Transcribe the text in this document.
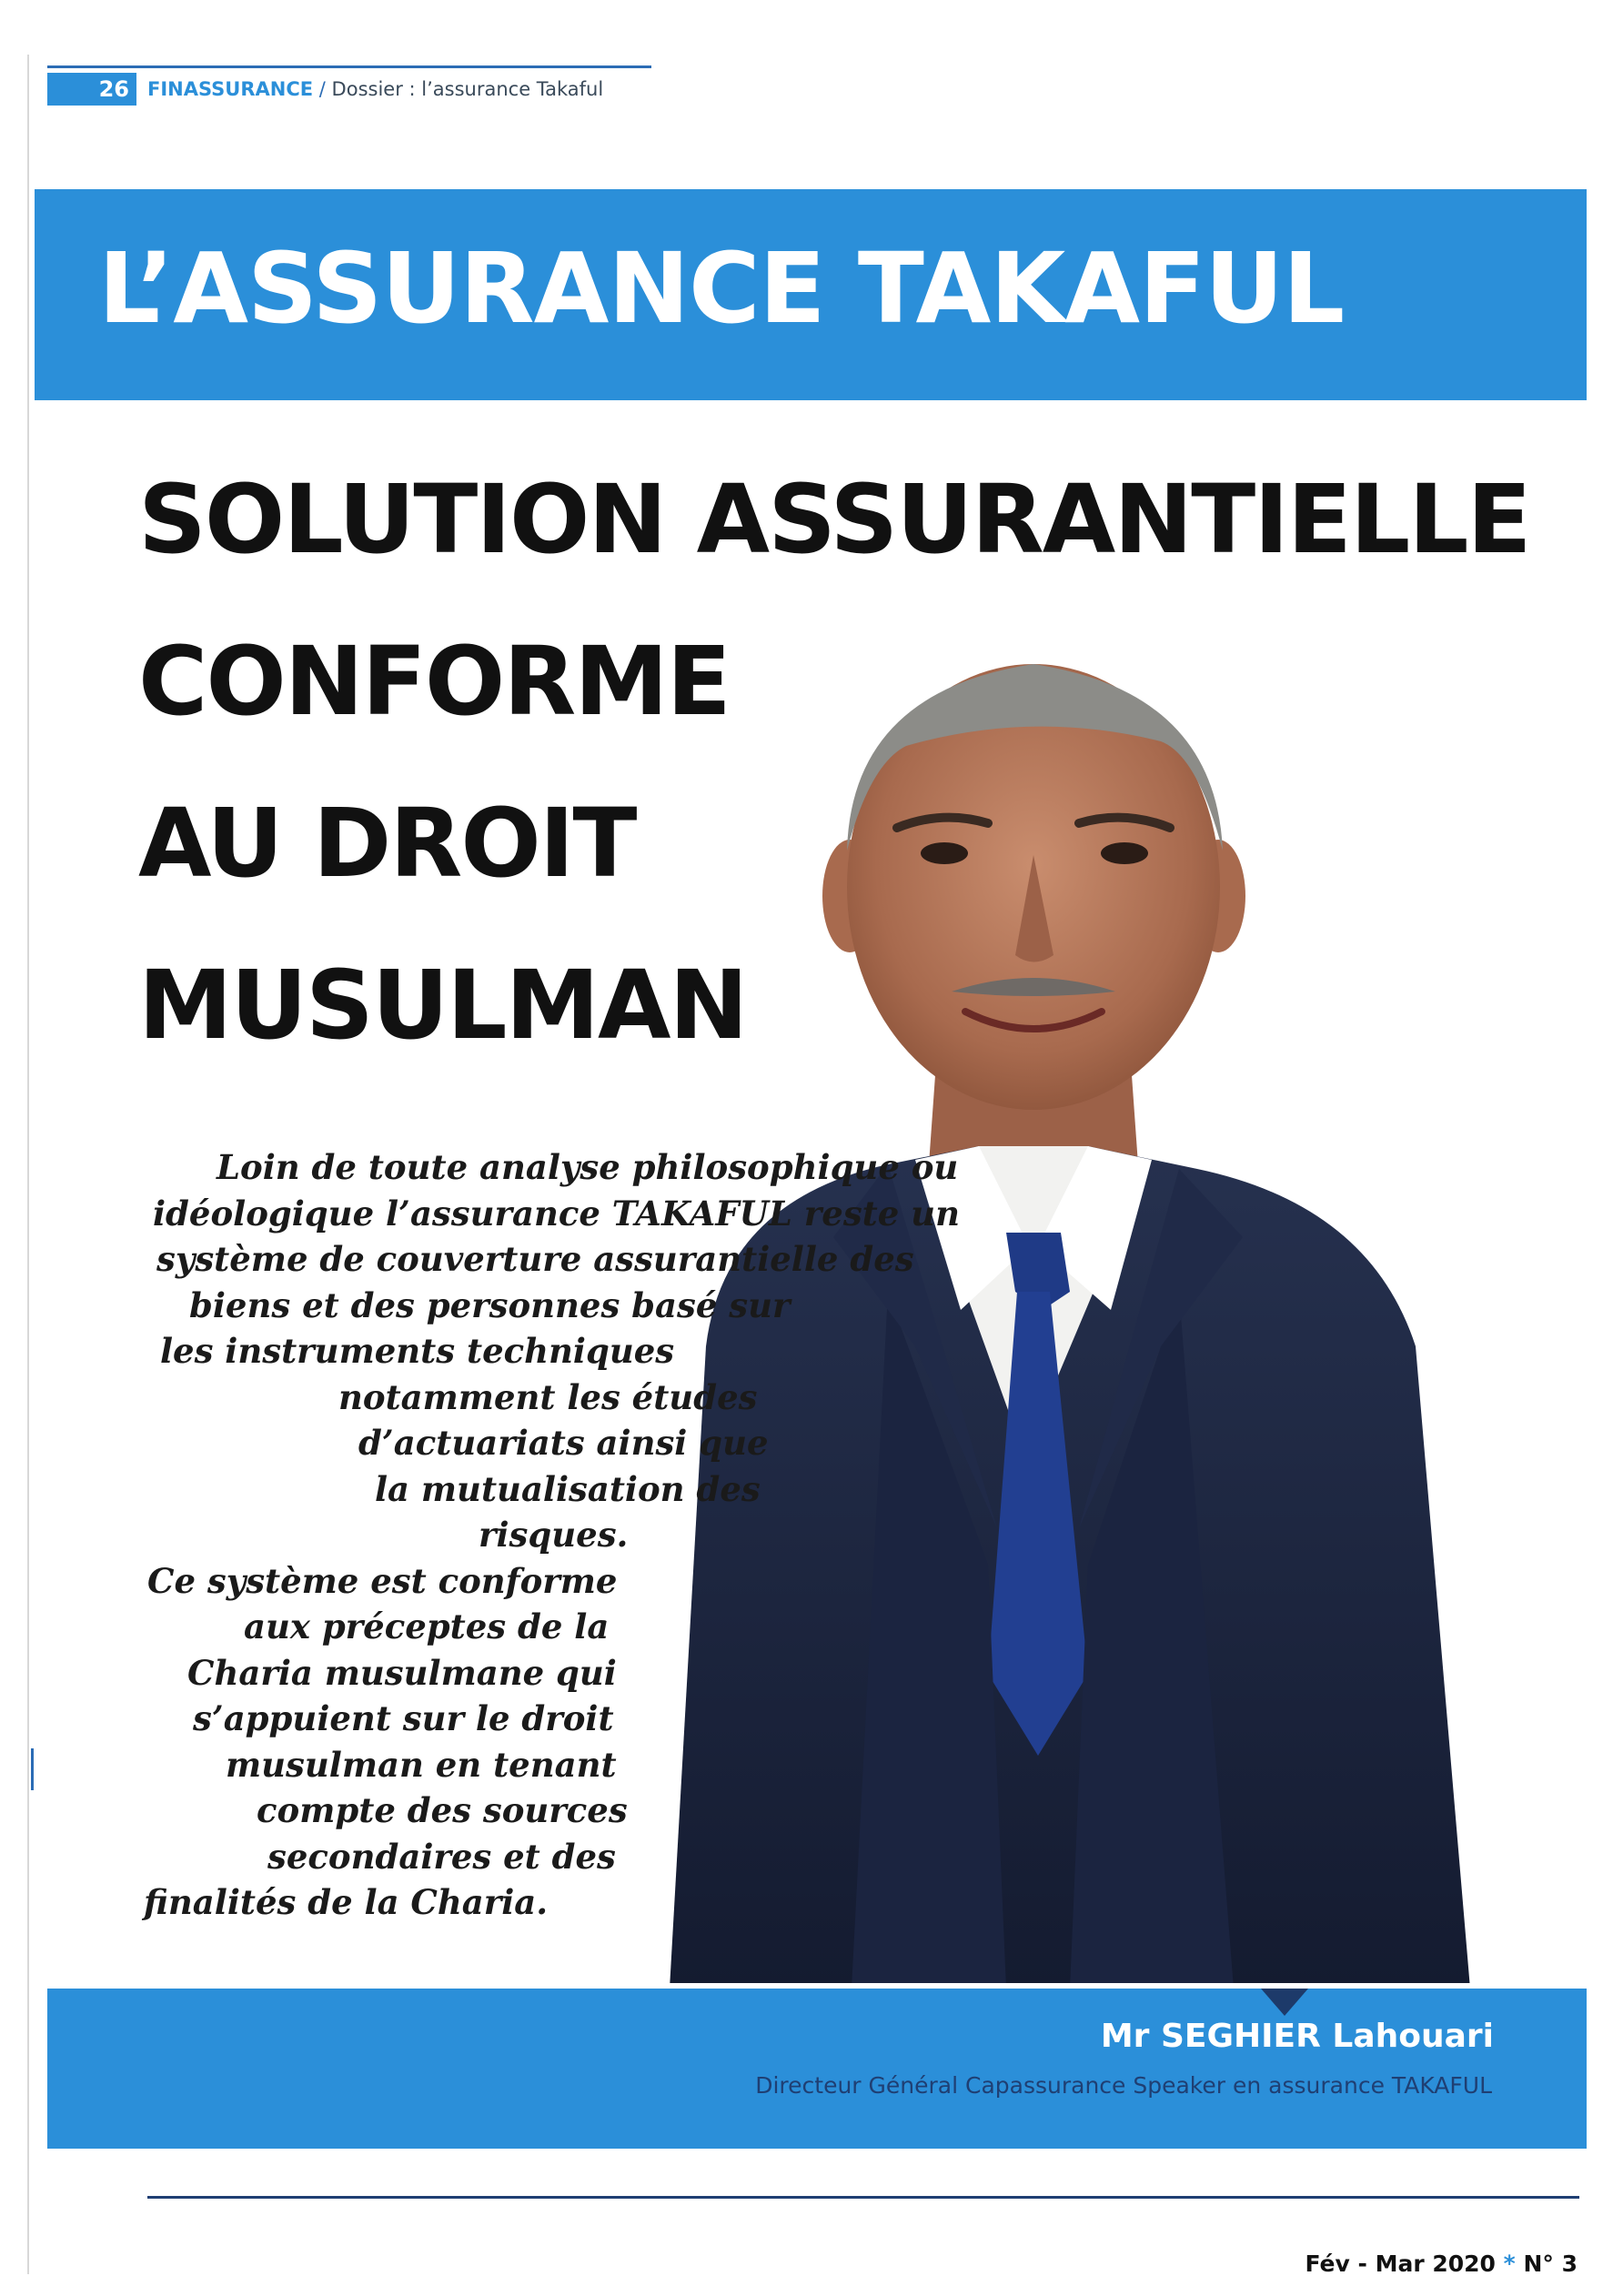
26 FINASSURANCE / Dossier : l’assurance Takaful
L’ASSURANCE TAKAFUL
SOLUTION ASSURANTIELLE
CONFORME
AU DROIT
MUSULMAN
Loin de toute analyse philosophique ou
idéologique l’assurance TAKAFUL reste un
système de couverture assurantielle des
biens et des personnes basé sur
les instruments techniques
notamment les études
d’actuariats ainsi que
la mutualisation des
risques.
Ce système est conforme
aux préceptes de la
Charia musulmane qui
s’appuient sur le droit
musulman en tenant
compte des sources
secondaires et des
finalités de la Charia.
Mr SEGHIER Lahouari
Directeur Général Capassurance Speaker en assurance TAKAFUL
Fév - Mar 2020 * N° 3
